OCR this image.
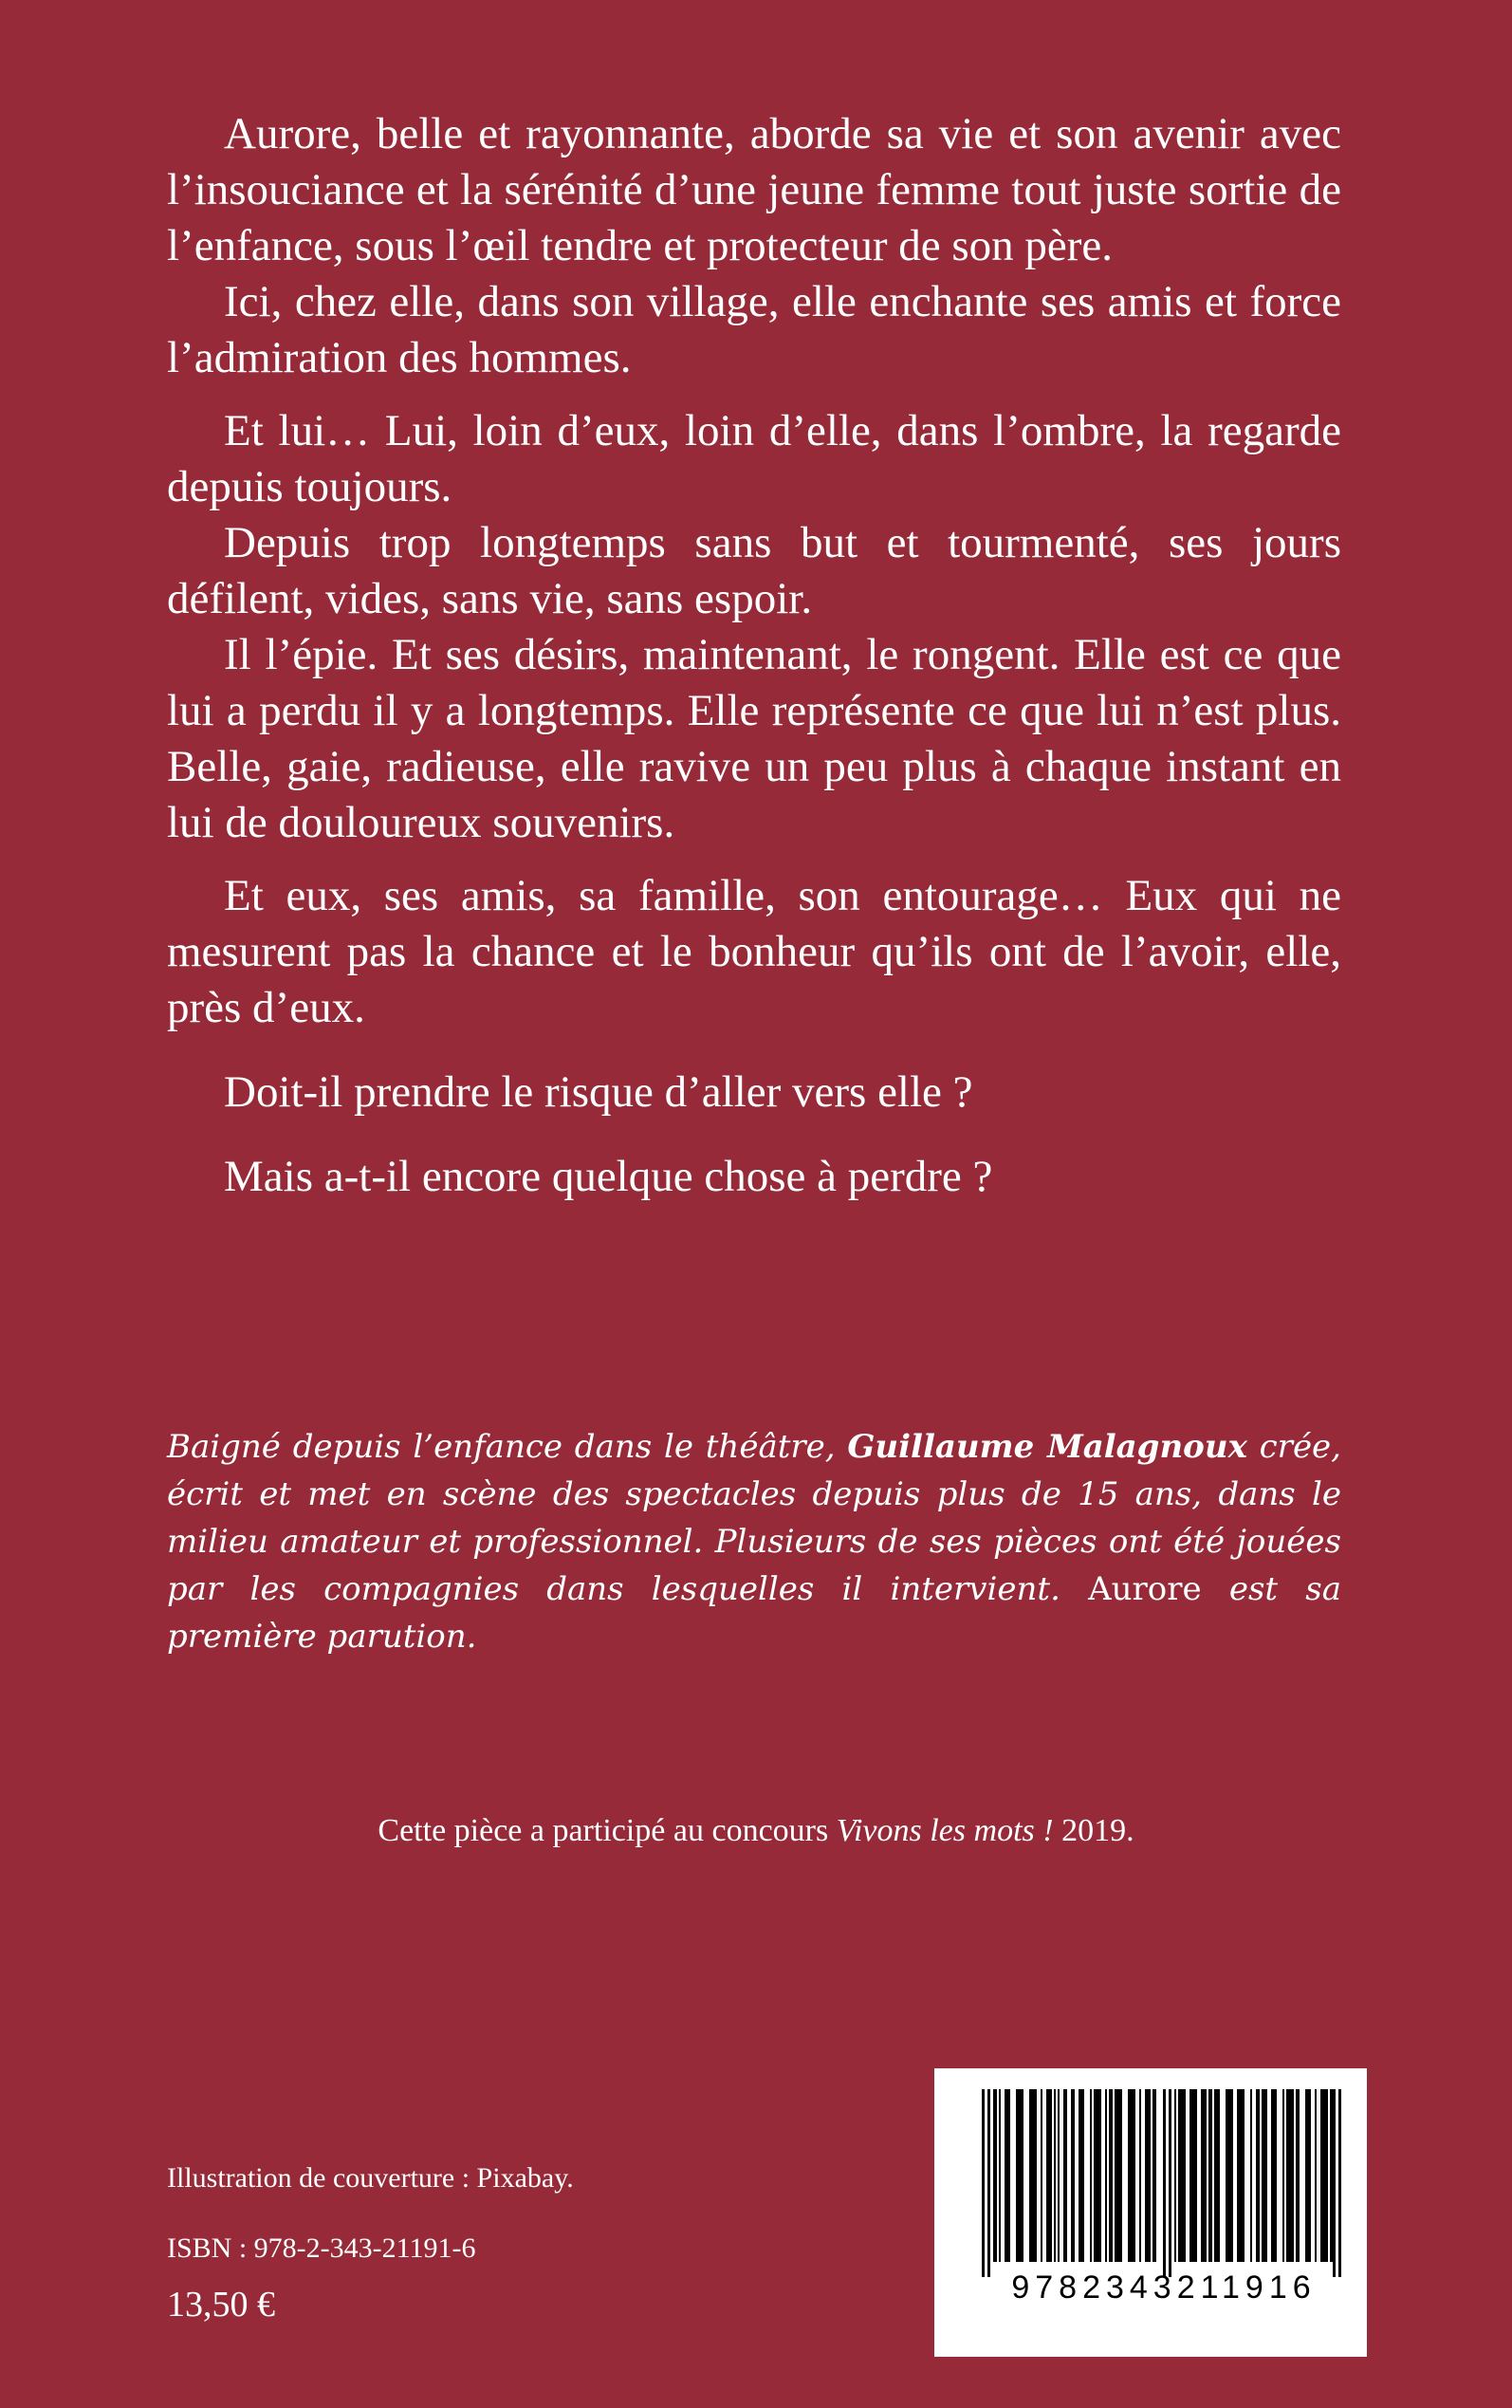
Aurore, belle et rayonnante, aborde sa vie et son avenir avec l’insouciance et la sérénité d’une jeune femme tout juste sortie de l’enfance, sous l’œil tendre et protecteur de son père.

Ici, chez elle, dans son village, elle enchante ses amis et force l’admiration des hommes.

Et lui… Lui, loin d’eux, loin d’elle, dans l’ombre, la regarde depuis toujours.

Depuis trop longtemps sans but et tourmenté, ses jours défilent, vides, sans vie, sans espoir.

Il l’épie. Et ses désirs, maintenant, le rongent. Elle est ce que lui a perdu il y a longtemps. Elle représente ce que lui n’est plus. Belle, gaie, radieuse, elle ravive un peu plus à chaque instant en lui de douloureux souvenirs.

Et eux, ses amis, sa famille, son entourage… Eux qui ne mesurent pas la chance et le bonheur qu’ils ont de l’avoir, elle, près d’eux.

Doit-il prendre le risque d’aller vers elle ?

Mais a-t-il encore quelque chose à perdre ?

Baigné depuis l’enfance dans le théâtre, Guillaume Malagnoux crée, écrit et met en scène des spectacles depuis plus de 15 ans, dans le milieu amateur et professionnel. Plusieurs de ses pièces ont été jouées par les compagnies dans lesquelles il intervient. Aurore est sa première parution.
Cette pièce a participé au concours Vivons les mots ! 2019.
Illustration de couverture : Pixabay.
ISBN : 978-2-343-21191-6
13,50 €	9782343211916
